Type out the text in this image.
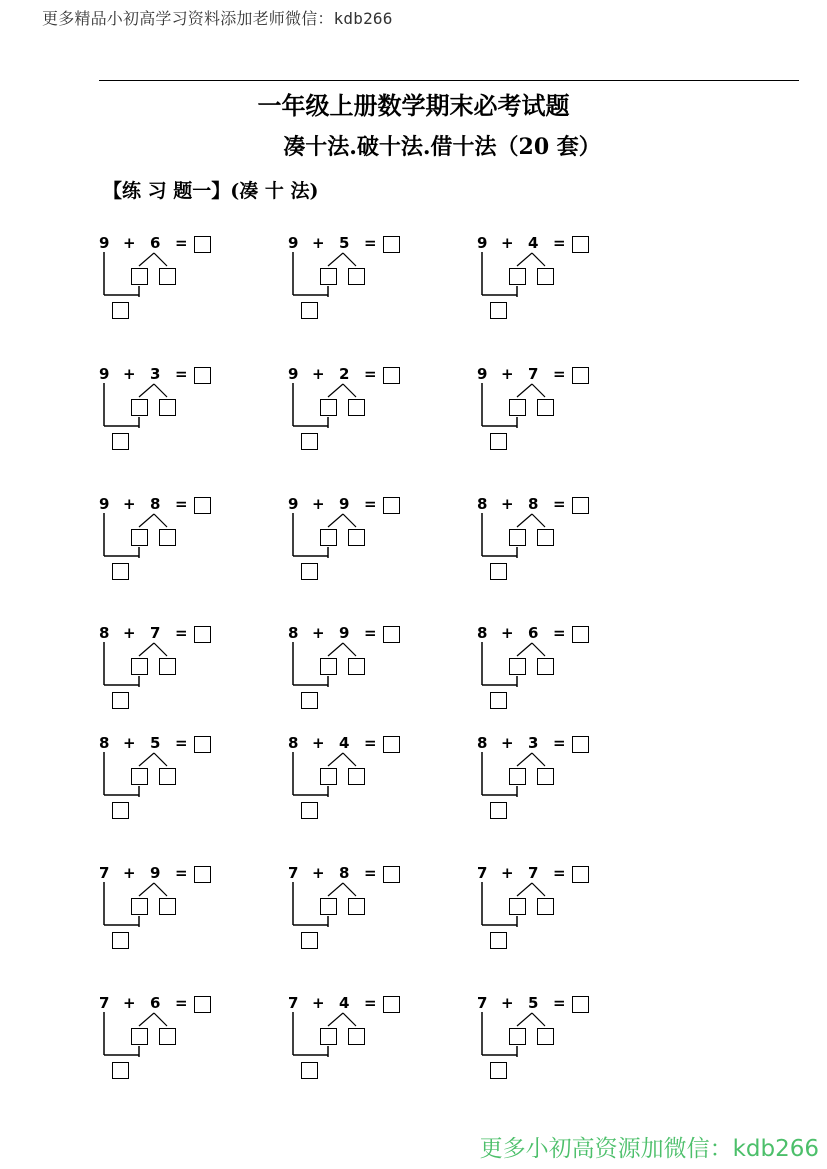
更多精品小初高学习资料添加老师微信：kdb266
一年级上册数学期末必考试题
凑十法.破十法.借十法（20 套）
【练 习 题一】(凑 十 法)
9 + 6 =	9 + 5 =	9 + 4 =
9 + 3 =	9 + 2 =	9 + 7 =
9 + 8 =	9 + 9 =	8 + 8 =
8 + 7 =	8 + 9 =	8 + 6 =
8 + 5 =	8 + 4 =	8 + 3 =
7 + 9 =	7 + 8 =	7 + 7 =
7 + 6 =	7 + 4 =	7 + 5 =
更多小初高资源加微信：kdb266
